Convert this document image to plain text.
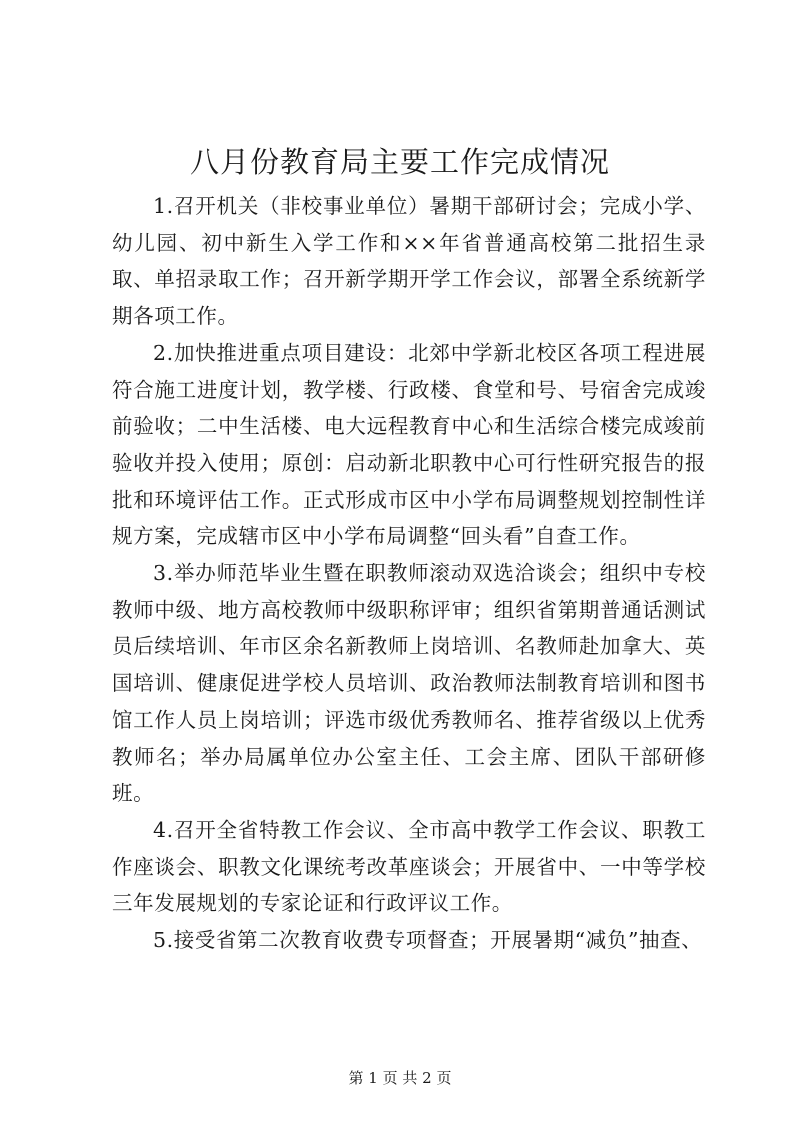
八月份教育局主要工作完成情况

1.召开机关（非校事业单位）暑期干部研讨会；完成小学、幼儿园、初中新生入学工作和××年省普通高校第二批招生录取、单招录取工作；召开新学期开学工作会议，部署全系统新学期各项工作。

2.加快推进重点项目建设：北郊中学新北校区各项工程进展符合施工进度计划，教学楼、行政楼、食堂和号、号宿舍完成竣前验收；二中生活楼、电大远程教育中心和生活综合楼完成竣前验收并投入使用；原创：启动新北职教中心可行性研究报告的报批和环境评估工作。正式形成市区中小学布局调整规划控制性详规方案，完成辖市区中小学布局调整“回头看”自查工作。

3.举办师范毕业生暨在职教师滚动双选洽谈会；组织中专校教师中级、地方高校教师中级职称评审；组织省第期普通话测试员后续培训、年市区余名新教师上岗培训、名教师赴加拿大、英国培训、健康促进学校人员培训、政治教师法制教育培训和图书馆工作人员上岗培训；评选市级优秀教师名、推荐省级以上优秀教师名；举办局属单位办公室主任、工会主席、团队干部研修班。

4.召开全省特教工作会议、全市高中教学工作会议、职教工作座谈会、职教文化课统考改革座谈会；开展省中、一中等学校三年发展规划的专家论证和行政评议工作。

5.接受省第二次教育收费专项督查；开展暑期“减负”抽查、

第 1 页 共 2 页
